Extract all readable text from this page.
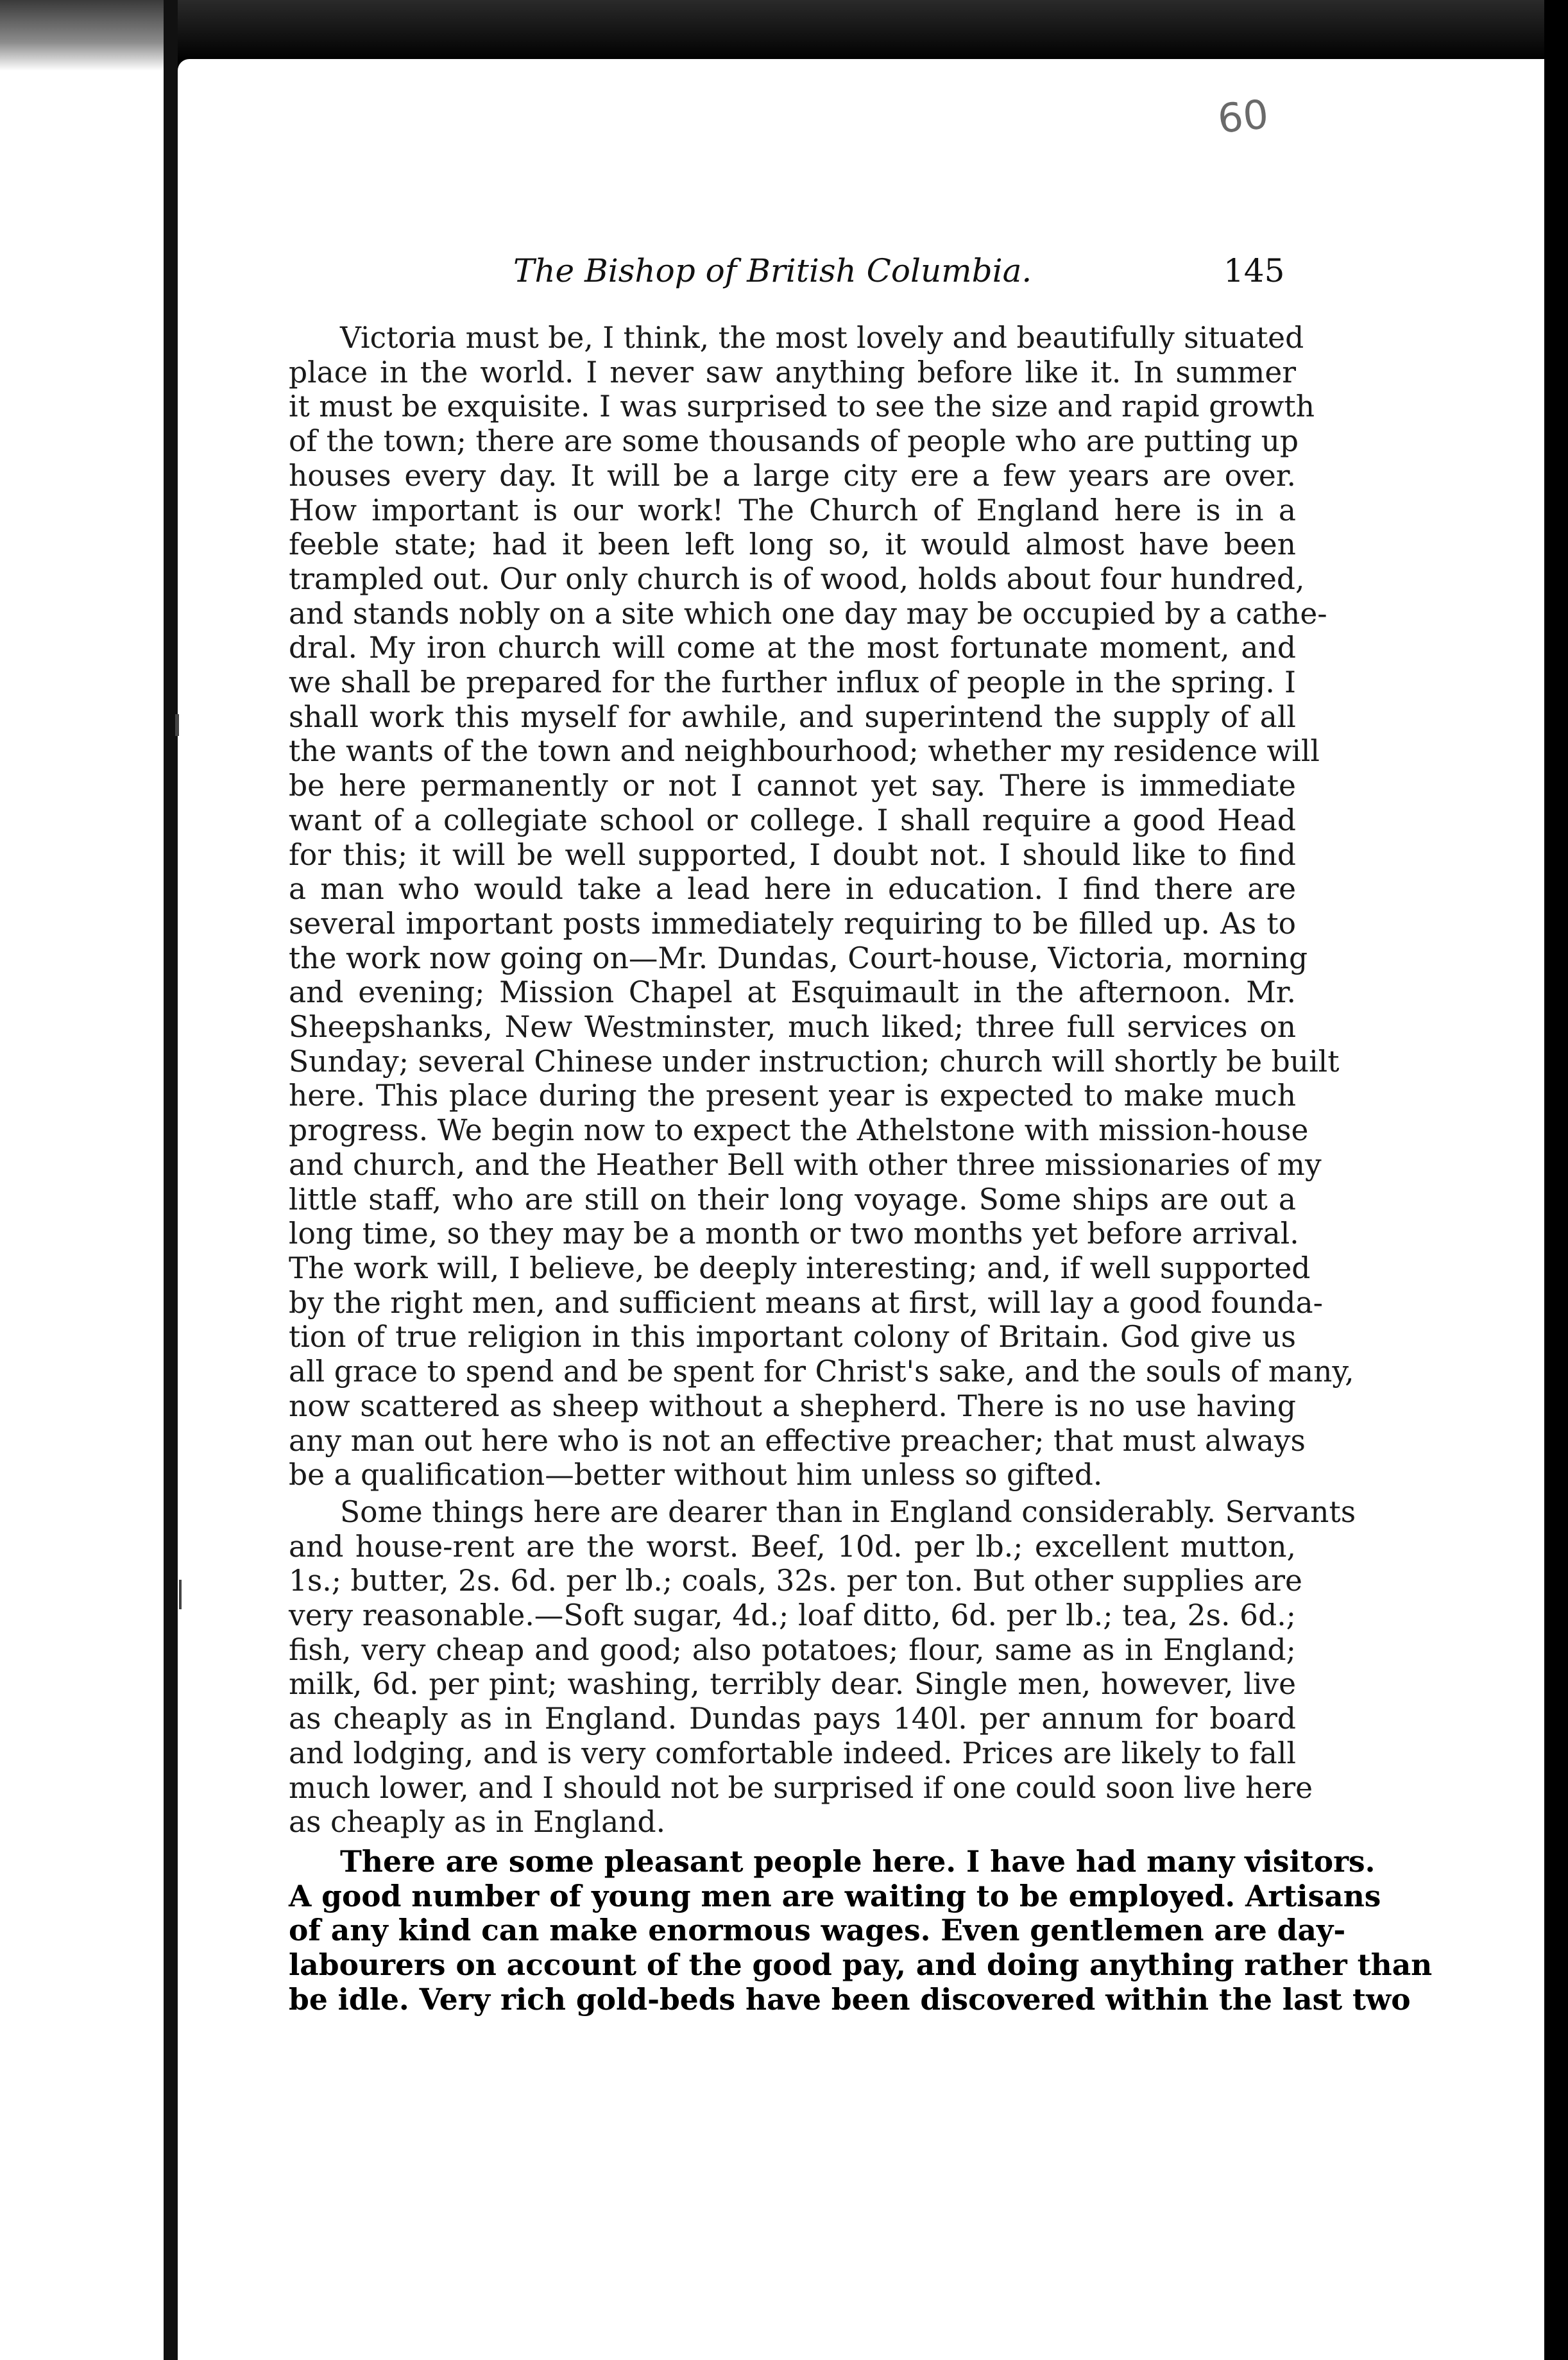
60
The Bishop of British Columbia.	145
Victoria must be, I think, the most lovely and beautifully situated
place in the world. I never saw anything before like it. In summer
it must be exquisite. I was surprised to see the size and rapid growth
of the town; there are some thousands of people who are putting up
houses every day. It will be a large city ere a few years are over.
How important is our work! The Church of England here is in a
feeble state; had it been left long so, it would almost have been
trampled out. Our only church is of wood, holds about four hundred,
and stands nobly on a site which one day may be occupied by a cathe-
dral. My iron church will come at the most fortunate moment, and
we shall be prepared for the further influx of people in the spring. I
shall work this myself for awhile, and superintend the supply of all
the wants of the town and neighbourhood; whether my residence will
be here permanently or not I cannot yet say. There is immediate
want of a collegiate school or college. I shall require a good Head
for this; it will be well supported, I doubt not. I should like to find
a man who would take a lead here in education. I find there are
several important posts immediately requiring to be filled up. As to
the work now going on—Mr. Dundas, Court-house, Victoria, morning
and evening; Mission Chapel at Esquimault in the afternoon. Mr.
Sheepshanks, New Westminster, much liked; three full services on
Sunday; several Chinese under instruction; church will shortly be built
here. This place during the present year is expected to make much
progress. We begin now to expect the Athelstone with mission-house
and church, and the Heather Bell with other three missionaries of my
little staff, who are still on their long voyage. Some ships are out a
long time, so they may be a month or two months yet before arrival.
The work will, I believe, be deeply interesting; and, if well supported
by the right men, and sufficient means at first, will lay a good founda-
tion of true religion in this important colony of Britain. God give us
all grace to spend and be spent for Christ's sake, and the souls of many,
now scattered as sheep without a shepherd. There is no use having
any man out here who is not an effective preacher; that must always
be a qualification—better without him unless so gifted.
Some things here are dearer than in England considerably. Servants
and house-rent are the worst. Beef, 10d. per lb.; excellent mutton,
1s.; butter, 2s. 6d. per lb.; coals, 32s. per ton. But other supplies are
very reasonable.—Soft sugar, 4d.; loaf ditto, 6d. per lb.; tea, 2s. 6d.;
fish, very cheap and good; also potatoes; flour, same as in England;
milk, 6d. per pint; washing, terribly dear. Single men, however, live
as cheaply as in England. Dundas pays 140l. per annum for board
and lodging, and is very comfortable indeed. Prices are likely to fall
much lower, and I should not be surprised if one could soon live here
as cheaply as in England.
There are some pleasant people here. I have had many visitors.
A good number of young men are waiting to be employed. Artisans
of any kind can make enormous wages. Even gentlemen are day-
labourers on account of the good pay, and doing anything rather than
be idle. Very rich gold-beds have been discovered within the last two
